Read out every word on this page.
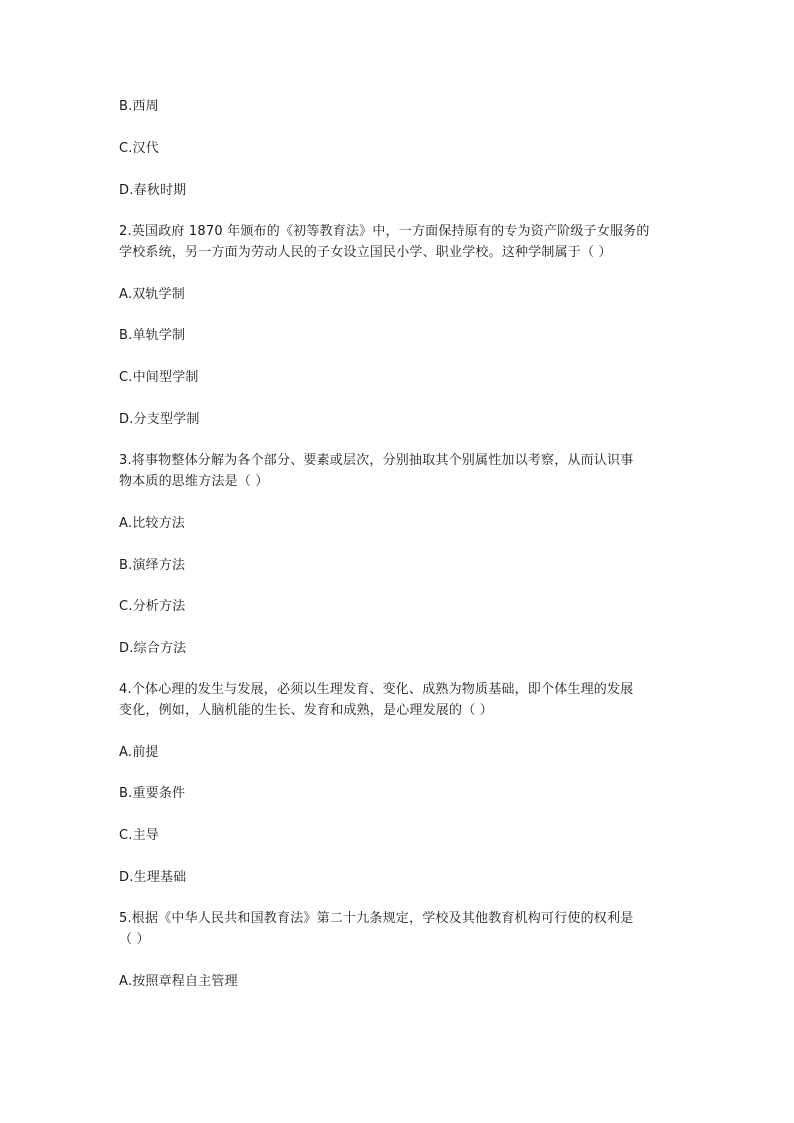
B.西周
C.汉代
D.春秋时期
2.英国政府 1870 年颁布的《初等教育法》中，一方面保持原有的专为资产阶级子女服务的
学校系统，另一方面为劳动人民的子女设立国民小学、职业学校。这种学制属于（ ）
A.双轨学制
B.单轨学制
C.中间型学制
D.分支型学制
3.将事物整体分解为各个部分、要素或层次，分别抽取其个别属性加以考察，从而认识事
物本质的思维方法是（ ）
A.比较方法
B.演绎方法
C.分析方法
D.综合方法
4.个体心理的发生与发展，必须以生理发育、变化、成熟为物质基础，即个体生理的发展
变化，例如，人脑机能的生长、发育和成熟，是心理发展的（ ）
A.前提
B.重要条件
C.主导
D.生理基础
5.根据《中华人民共和国教育法》第二十九条规定，学校及其他教育机构可行使的权利是
（ ）
A.按照章程自主管理
